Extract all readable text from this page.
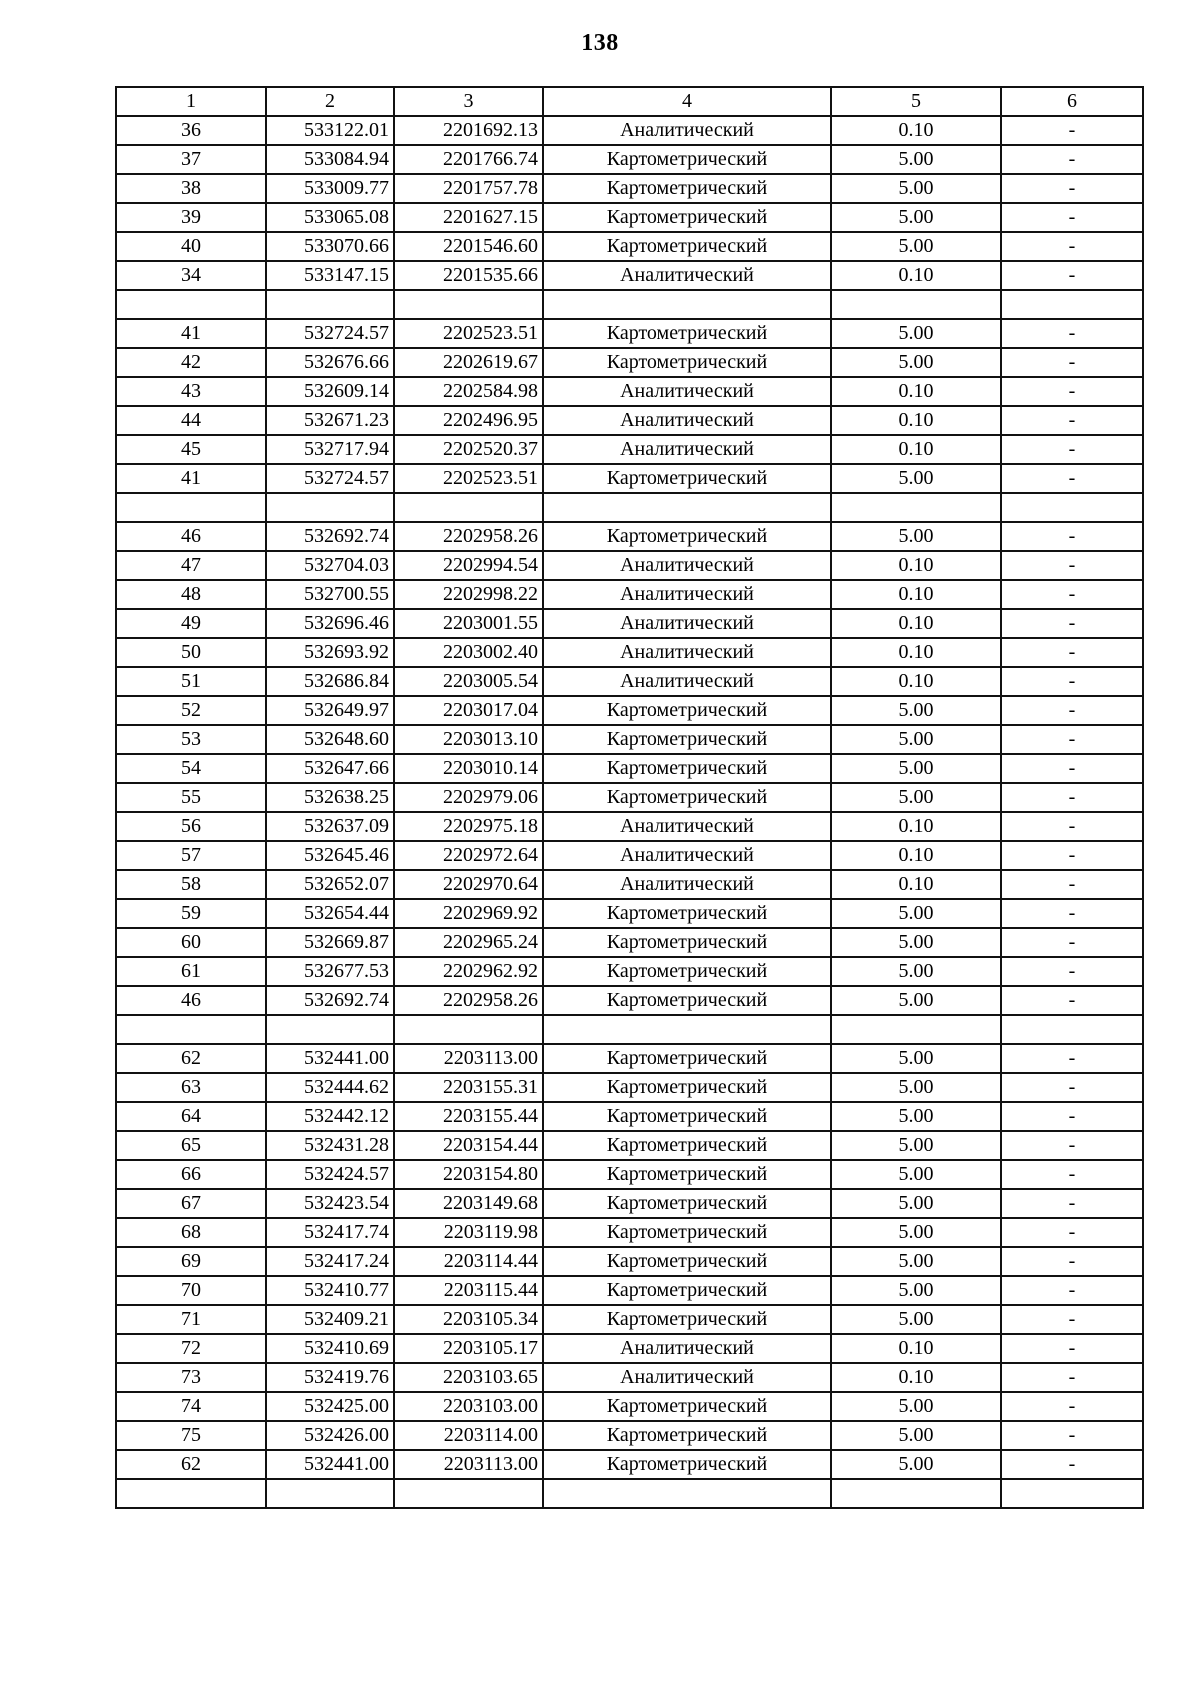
138
1	2	3	4	5	6
36	533122.01	2201692.13	Аналитический	0.10	-
37	533084.94	2201766.74	Картометрический	5.00	-
38	533009.77	2201757.78	Картометрический	5.00	-
39	533065.08	2201627.15	Картометрический	5.00	-
40	533070.66	2201546.60	Картометрический	5.00	-
34	533147.15	2201535.66	Аналитический	0.10	-

41	532724.57	2202523.51	Картометрический	5.00	-
42	532676.66	2202619.67	Картометрический	5.00	-
43	532609.14	2202584.98	Аналитический	0.10	-
44	532671.23	2202496.95	Аналитический	0.10	-
45	532717.94	2202520.37	Аналитический	0.10	-
41	532724.57	2202523.51	Картометрический	5.00	-

46	532692.74	2202958.26	Картометрический	5.00	-
47	532704.03	2202994.54	Аналитический	0.10	-
48	532700.55	2202998.22	Аналитический	0.10	-
49	532696.46	2203001.55	Аналитический	0.10	-
50	532693.92	2203002.40	Аналитический	0.10	-
51	532686.84	2203005.54	Аналитический	0.10	-
52	532649.97	2203017.04	Картометрический	5.00	-
53	532648.60	2203013.10	Картометрический	5.00	-
54	532647.66	2203010.14	Картометрический	5.00	-
55	532638.25	2202979.06	Картометрический	5.00	-
56	532637.09	2202975.18	Аналитический	0.10	-
57	532645.46	2202972.64	Аналитический	0.10	-
58	532652.07	2202970.64	Аналитический	0.10	-
59	532654.44	2202969.92	Картометрический	5.00	-
60	532669.87	2202965.24	Картометрический	5.00	-
61	532677.53	2202962.92	Картометрический	5.00	-
46	532692.74	2202958.26	Картометрический	5.00	-

62	532441.00	2203113.00	Картометрический	5.00	-
63	532444.62	2203155.31	Картометрический	5.00	-
64	532442.12	2203155.44	Картометрический	5.00	-
65	532431.28	2203154.44	Картометрический	5.00	-
66	532424.57	2203154.80	Картометрический	5.00	-
67	532423.54	2203149.68	Картометрический	5.00	-
68	532417.74	2203119.98	Картометрический	5.00	-
69	532417.24	2203114.44	Картометрический	5.00	-
70	532410.77	2203115.44	Картометрический	5.00	-
71	532409.21	2203105.34	Картометрический	5.00	-
72	532410.69	2203105.17	Аналитический	0.10	-
73	532419.76	2203103.65	Аналитический	0.10	-
74	532425.00	2203103.00	Картометрический	5.00	-
75	532426.00	2203114.00	Картометрический	5.00	-
62	532441.00	2203113.00	Картометрический	5.00	-
